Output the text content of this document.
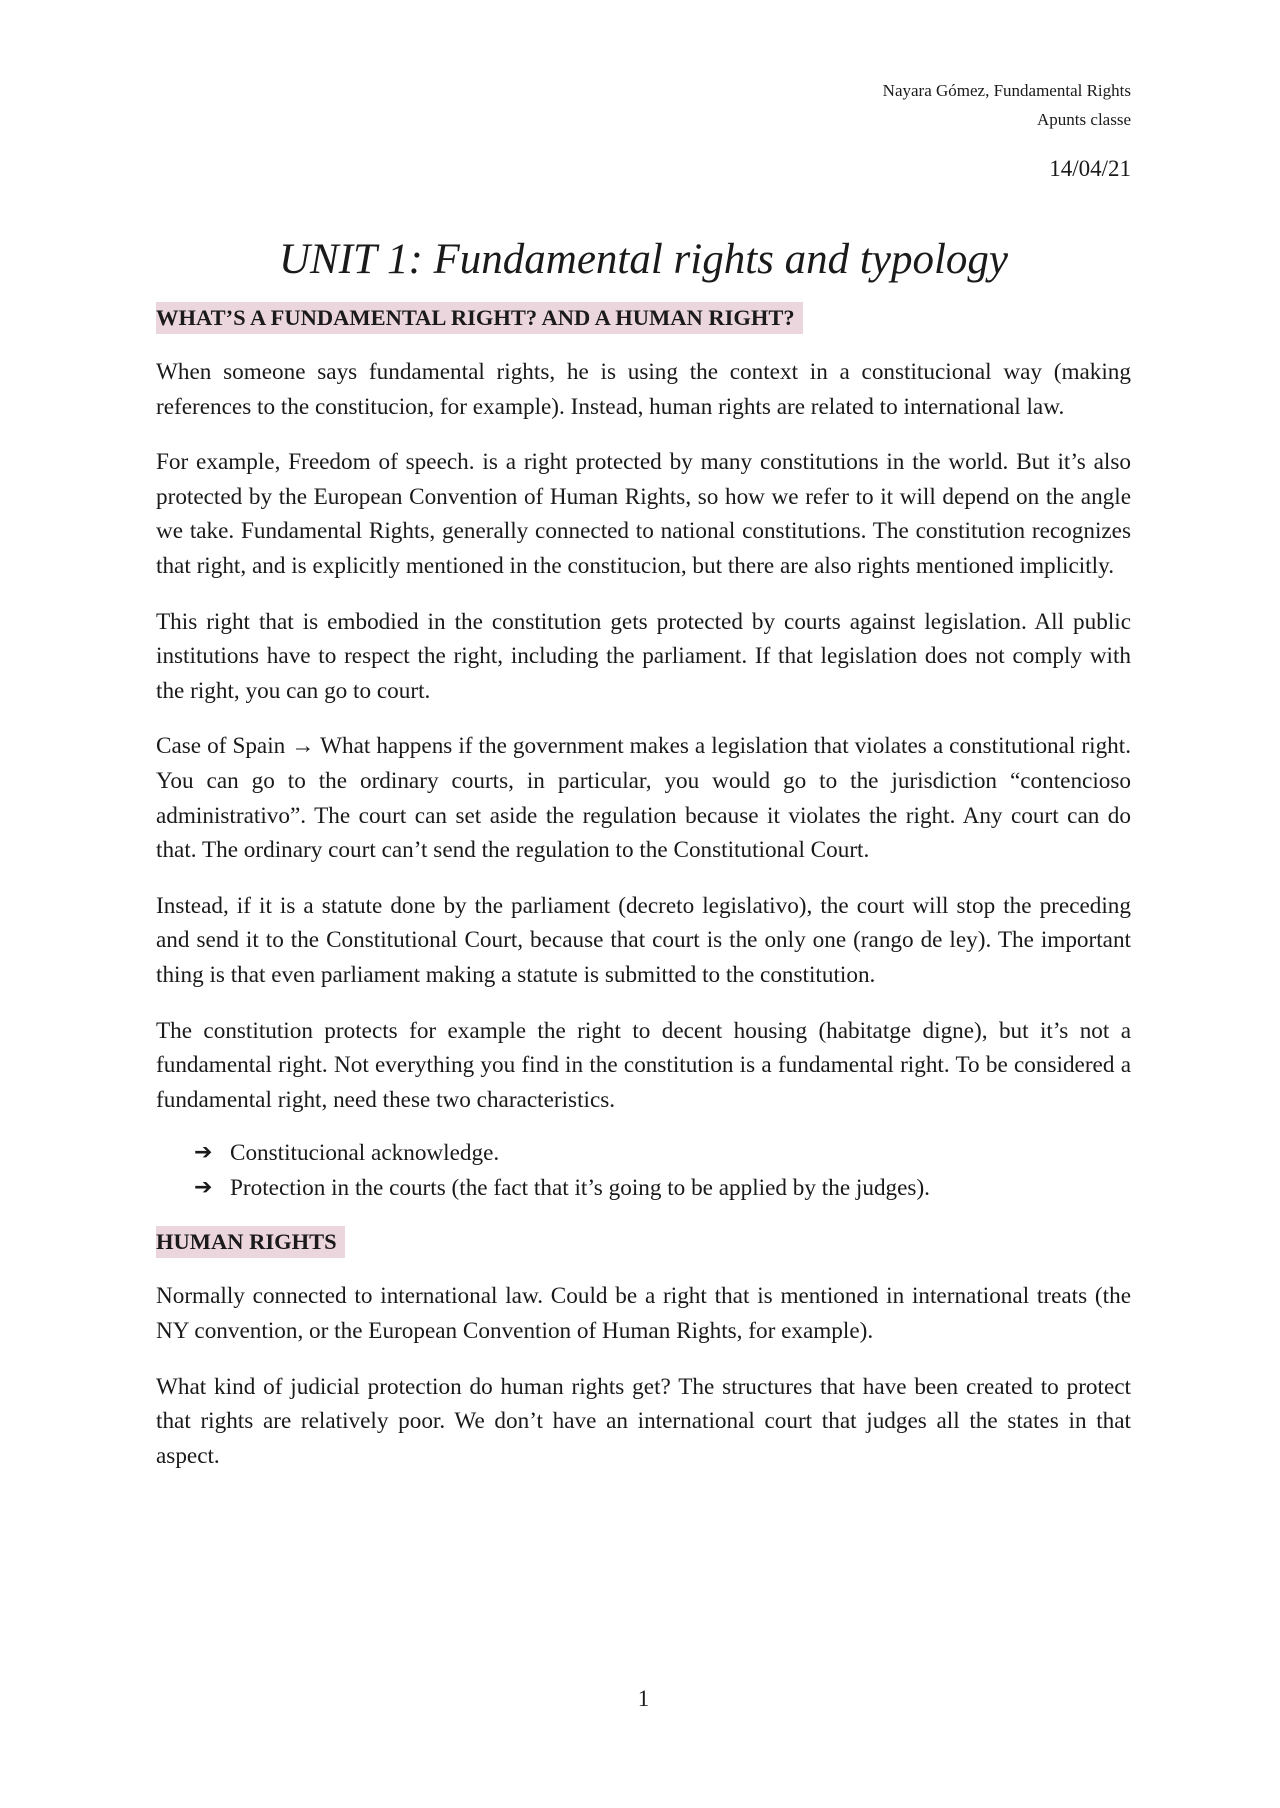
Nayara Gómez, Fundamental Rights
Apunts classe
14/04/21
UNIT 1: Fundamental rights and typology
WHAT’S A FUNDAMENTAL RIGHT? AND A HUMAN RIGHT?

When someone says fundamental rights, he is using the context in a constitucional way (making references to the constitucion, for example). Instead, human rights are related to international law.

For example, Freedom of speech. is a right protected by many constitutions in the world. But it’s also protected by the European Convention of Human Rights, so how we refer to it will depend on the angle we take. Fundamental Rights, generally connected to national constitutions. The constitution recognizes that right, and is explicitly mentioned in the constitucion, but there are also rights mentioned implicitly.

This right that is embodied in the constitution gets protected by courts against legislation. All public institutions have to respect the right, including the parliament. If that legislation does not comply with the right, you can go to court.

Case of Spain → What happens if the government makes a legislation that violates a constitutional right. You can go to the ordinary courts, in particular, you would go to the jurisdiction “contencioso administrativo”. The court can set aside the regulation because it violates the right. Any court can do that. The ordinary court can’t send the regulation to the Constitutional Court.

Instead, if it is a statute done by the parliament (decreto legislativo), the court will stop the preceding and send it to the Constitutional Court, because that court is the only one (rango de ley). The important thing is that even parliament making a statute is submitted to the constitution.

The constitution protects for example the right to decent housing (habitatge digne), but it’s not a fundamental right. Not everything you find in the constitution is a fundamental right. To be considered a fundamental right, need these two characteristics.

➔ Constitucional acknowledge.
➔ Protection in the courts (the fact that it’s going to be applied by the judges).
HUMAN RIGHTS

Normally connected to international law. Could be a right that is mentioned in international treats (the NY convention, or the European Convention of Human Rights, for example).

What kind of judicial protection do human rights get? The structures that have been created to protect that rights are relatively poor. We don’t have an international court that judges all the states in that aspect.

1
